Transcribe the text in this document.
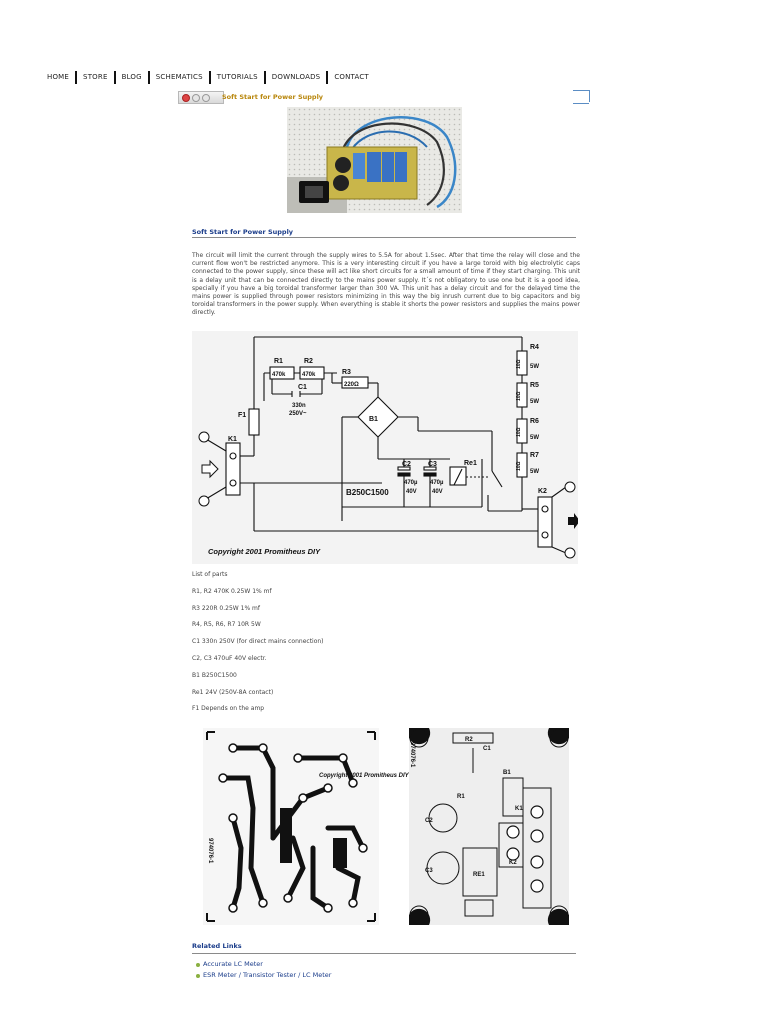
HOME	STORE	BLOG	SCHEMATICS	TUTORIALS	DOWNLOADS	CONTACT
Soft Start for Power Supply
Soft Start for Power Supply

The circuit will limit the current through the supply wires to 5.5A for about 1.5sec. After that time the relay will close and the current flow won't be restricted anymore. This is a very interesting circuit if you have a large toroid with big electrolytic caps connected to the power supply, since these will act like short circuits for a small amount of time if they start charging. This unit is a delay unit that can be connected directly to the mains power supply. It´s not obligatory to use one but it is a good idea, specially if you have a big toroidal transformer larger than 300 VA. This unit has a delay circuit and for the delayed time the mains power is supplied through power resistors minimizing in this way the big inrush current due to big capacitors and big toroidal transformers in the power supply. When everything is stable it shorts the power resistors and supplies the mains power directly.

R1
470k
R2
470k	R3
220Ω
C1
330n
250V~
F1
K1
B1
C2
470µ
40V
C3
470µ
40V
Re1
B250C1500
R4
5W
R5
5W
R6
5W
R7
5W
10Ω
10Ω
10Ω
10Ω
K2
Copyright 2001 Promitheus DIY
List of parts
R1, R2 470K 0.25W 1% mf
R3 220R 0.25W 1% mf
R4, R5, R6, R7 10R 5W
C1 330n 250V (for direct mains connection)
C2, C3 470uF 40V electr.
B1 B250C1500
Re1 24V (250V-8A contact)
F1 Depends on the amp
974076-1
Copyright 2001 Promitheus DIY
R2
C1
K1
K2
R1
C2
C3
RE1
B1
974076-1
Related Links
Accurate LC Meter
ESR Meter / Transistor Tester / LC Meter
